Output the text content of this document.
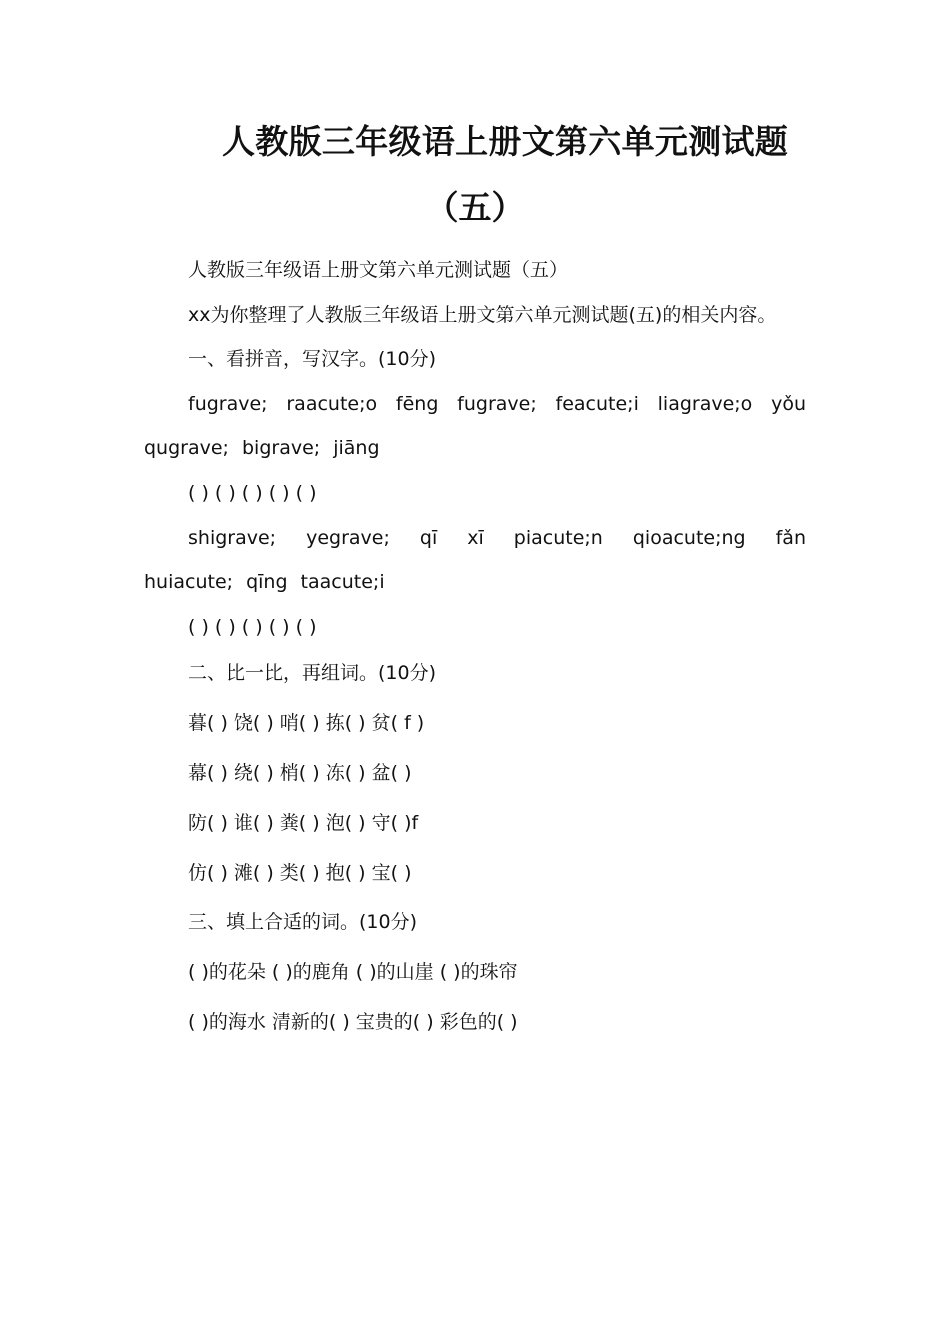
人教版三年级语上册文第六单元测试题
（五）

人教版三年级语上册文第六单元测试题（五）

xx为你整理了人教版三年级语上册文第六单元测试题(五)的相关内容。

一、看拼音，写汉字。(10分)

fugrave; raacute;o fēng fugrave; feacute;i liagrave;o yǒu qugrave; bigrave; jiāng

( ) ( ) ( ) ( ) ( )

shigrave; yegrave; qī xī piacute;n qioacute;ng fǎn huiacute; qīng taacute;i

( ) ( ) ( ) ( ) ( )

二、比一比，再组词。(10分)

暮( ) 饶( ) 哨( ) 拣( ) 贫( f )

幕( ) 绕( ) 梢( ) 冻( ) 盆( )

防( ) 谁( ) 粪( ) 泡( ) 守( )f

仿( ) 滩( ) 类( ) 抱( ) 宝( )

三、填上合适的词。(10分)

( )的花朵 ( )的鹿角 ( )的山崖 ( )的珠帘

( )的海水 清新的( ) 宝贵的( ) 彩色的( )
